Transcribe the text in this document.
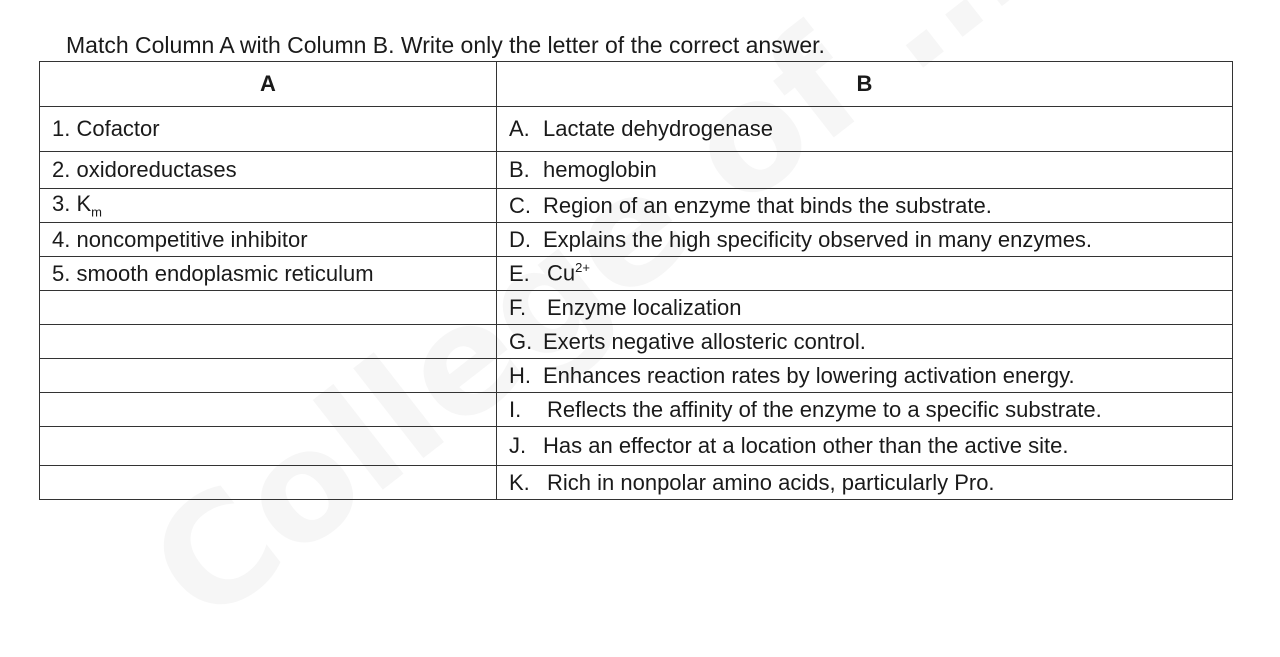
Match Column A with Column B. Write only the letter of the correct answer.
A	B
1. Cofactor	A. Lactate dehydrogenase
2. oxidoreductases	B. hemoglobin
3. $K_m$	C. Region of an enzyme that binds the substrate.
4. noncompetitive inhibitor	D. Explains the high specificity observed in many enzymes.
5. smooth endoplasmic reticulum	E. $Cu^{2+}$
	F. Enzyme localization
	G. Exerts negative allosteric control.
	H. Enhances reaction rates by lowering activation energy.
	I. Reflects the affinity of the enzyme to a specific substrate.
	J. Has an effector at a location other than the active site.
	K. Rich in nonpolar amino acids, particularly Pro.
